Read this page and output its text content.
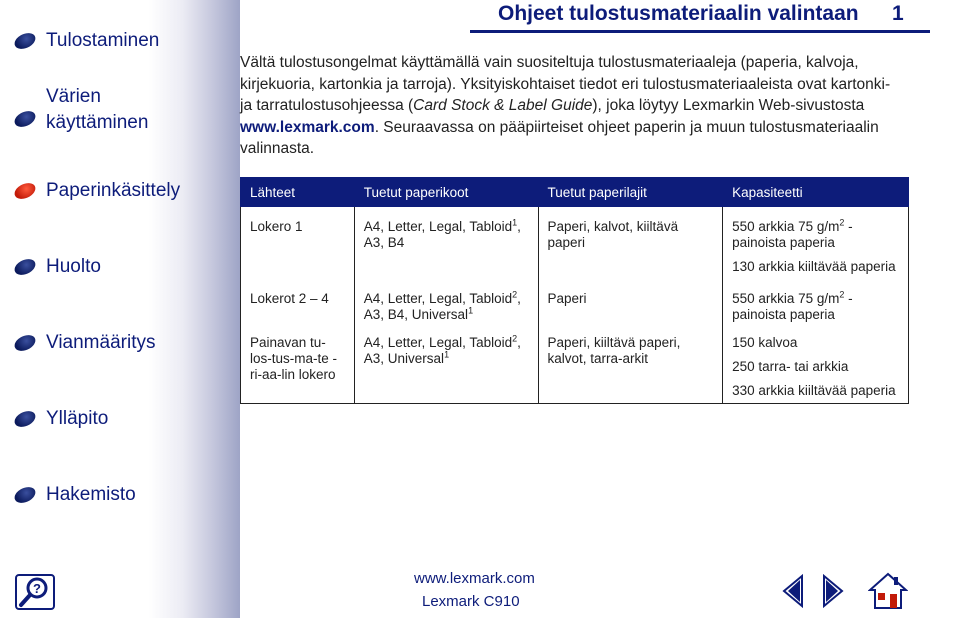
Tulostaminen
Värien käyttäminen
Paperinkäsittely
Huolto
Vianmääritys
Ylläpito
Hakemisto
Ohjeet tulostusmateriaalin valintaan 1
Vältä tulostusongelmat käyttämällä vain suositeltuja tulostusmateriaaleja (paperia, kalvoja, kirjekuoria, kartonkia ja tarroja). Yksityiskohtaiset tiedot eri tulostusmateriaaleista ovat kartonki- ja tarratulostusohjeessa (Card Stock & Label Guide), joka löytyy Lexmarkin Web-sivustosta www.lexmark.com. Seuraavassa on pääpiirteiset ohjeet paperin ja muun tulostusmateriaalin valinnasta.
Lähteet	Tuetut paperikoot	Tuetut paperilajit	Kapasiteetti
Lokero 1	A4, Letter, Legal, Tabloid$^1$, A3, B4	Paperi, kalvot, kiiltävä paperi	550 arkkia 75 $g/m^2$ -painoista paperia
130 arkkia kiiltävää paperia

Lokerot 2 – 4	A4, Letter, Legal, Tabloid$^2$, A3, B4, Universal$^1$	Paperi	550 arkkia 75 $g/m^2$ -painoista paperia

Painavan tu-los-tus-ma-te -ri-aa-lin lokero	A4, Letter, Legal, Tabloid$^2$, A3, Universal$^1$	Paperi, kiiltävä paperi, kalvot, tarra-arkit	150 kalvoa
250 tarra- tai arkkia
330 arkkia kiiltävää paperia
?
www.lexmark.com
Lexmark C910
